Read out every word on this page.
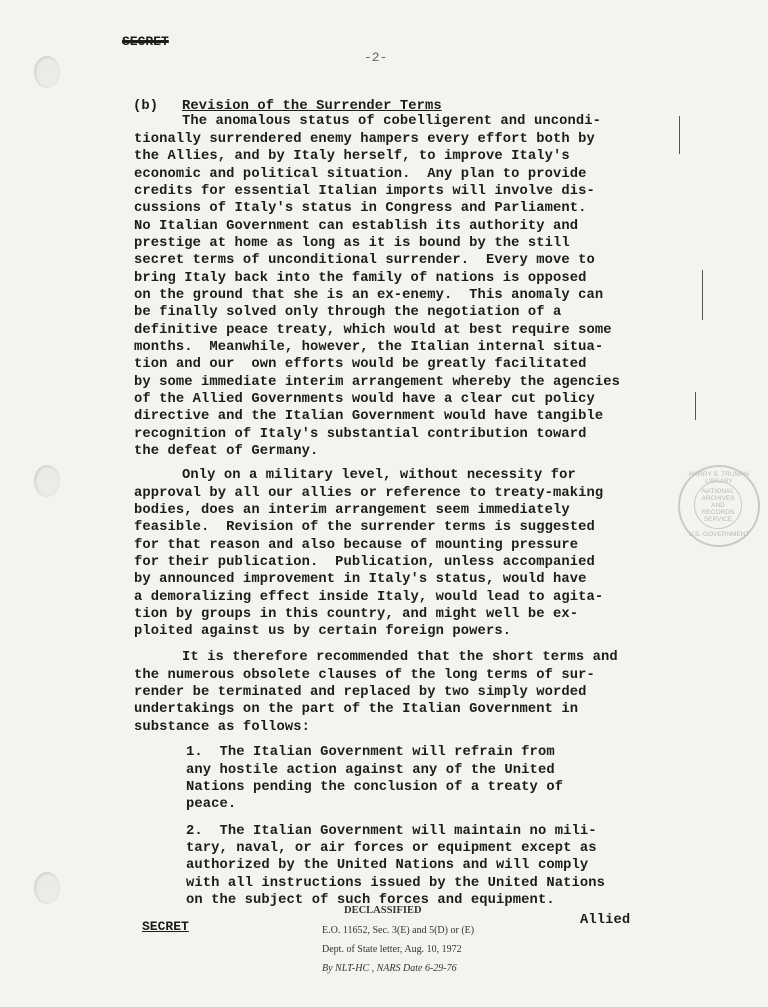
SECRET
-2-
(b) Revision of the Surrender Terms
The anomalous status of cobelligerent and uncondi-
tionally surrendered enemy hampers every effort both by
the Allies, and by Italy herself, to improve Italy's
economic and political situation.  Any plan to provide
credits for essential Italian imports will involve dis-
cussions of Italy's status in Congress and Parliament.
No Italian Government can establish its authority and
prestige at home as long as it is bound by the still
secret terms of unconditional surrender.  Every move to
bring Italy back into the family of nations is opposed
on the ground that she is an ex-enemy.  This anomaly can
be finally solved only through the negotiation of a
definitive peace treaty, which would at best require some
months.  Meanwhile, however, the Italian internal situa-
tion and our  own efforts would be greatly facilitated
by some immediate interim arrangement whereby the agencies
of the Allied Governments would have a clear cut policy
directive and the Italian Government would have tangible
recognition of Italy's substantial contribution toward
the defeat of Germany.
Only on a military level, without necessity for
approval by all our allies or reference to treaty-making
bodies, does an interim arrangement seem immediately
feasible.  Revision of the surrender terms is suggested
for that reason and also because of mounting pressure
for their publication.  Publication, unless accompanied
by announced improvement in Italy's status, would have
a demoralizing effect inside Italy, would lead to agita-
tion by groups in this country, and might well be ex-
ploited against us by certain foreign powers.
It is therefore recommended that the short terms and
the numerous obsolete clauses of the long terms of sur-
render be terminated and replaced by two simply worded
undertakings on the part of the Italian Government in
substance as follows:
1.  The Italian Government will refrain from
any hostile action against any of the United
Nations pending the conclusion of a treaty of
peace.
2.  The Italian Government will maintain no mili-
tary, naval, or air forces or equipment except as
authorized by the United Nations and will comply
with all instructions issued by the United Nations
on the subject of such forces and equipment.
Allied
HARRY S. TRUMAN LIBRARY
NATIONAL ARCHIVES AND RECORDS SERVICE
U.S. GOVERNMENT
SECRET
DECLASSIFIED
E.O. 11652, Sec. 3(E) and 5(D) or (E)
Dept. of State letter, Aug. 10, 1972
By NLT-HC , NARS Date 6-29-76
